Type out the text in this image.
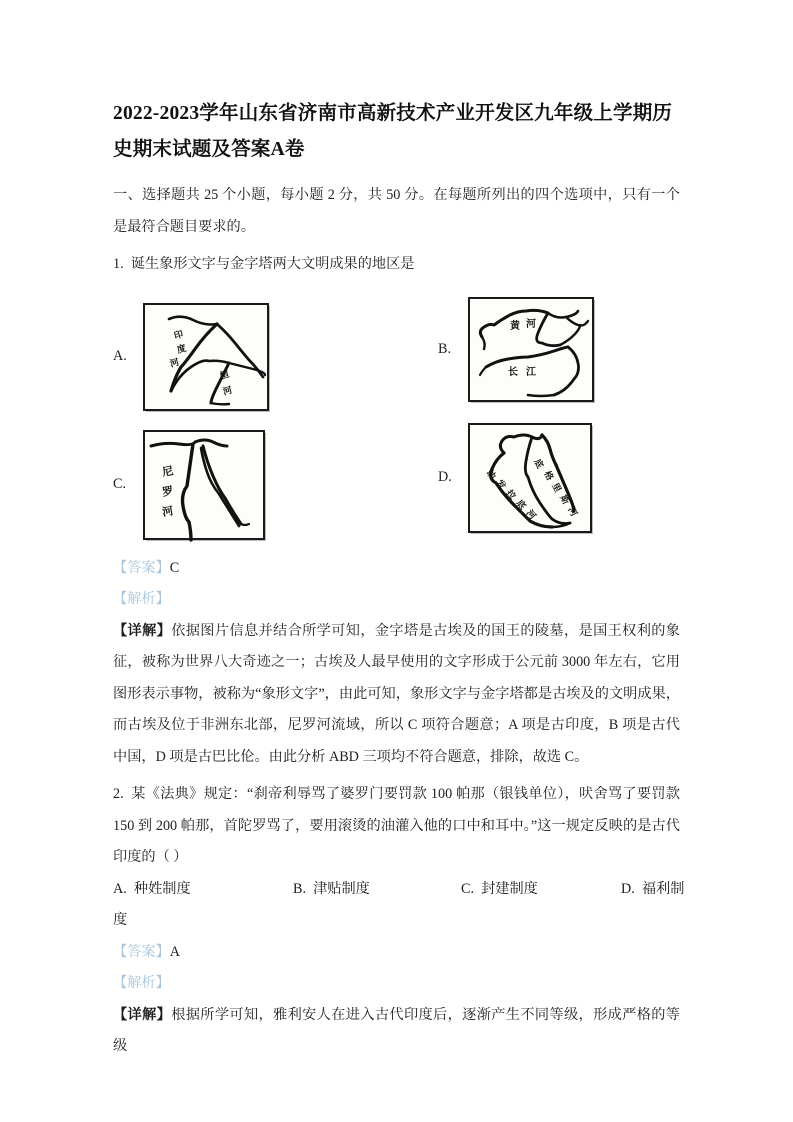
2022-2023学年山东省济南市高新技术产业开发区九年级上学期历史期末试题及答案A卷

一、选择题共 25 个小题，每小题 2 分，共 50 分。在每题所列出的四个选项中，只有一个是最符合题目要求的。

1. 诞生象形文字与金字塔两大文明成果的地区是

A.
印
度
河
恒
河
B.
黄 河
长 江
C.
尼
罗
河
D.
底
格
里
斯
河
幼
发
拉
底
河

【答案】C

【解析】

【详解】依据图片信息并结合所学可知，金字塔是古埃及的国王的陵墓，是国王权利的象征，被称为世界八大奇迹之一；古埃及人最早使用的文字形成于公元前 3000 年左右，它用图形表示事物，被称为“象形文字”，由此可知，象形文字与金字塔都是古埃及的文明成果，而古埃及位于非洲东北部，尼罗河流域，所以 C 项符合题意；A 项是古印度，B 项是古代中国，D 项是古巴比伦。由此分析 ABD 三项均不符合题意，排除，故选 C。

2. 某《法典》规定：“刹帝利辱骂了婆罗门要罚款 100 帕那（银钱单位），吠舍骂了要罚款 150 到 200 帕那，首陀罗骂了，要用滚烫的油灌入他的口中和耳中。”这一规定反映的是古代印度的（ ）

A. 种姓制度	B. 津贴制度	C. 封建制度	D. 福利制

度

【答案】A

【解析】

【详解】根据所学可知，雅利安人在进入古代印度后，逐渐产生不同等级，形成严格的等级
